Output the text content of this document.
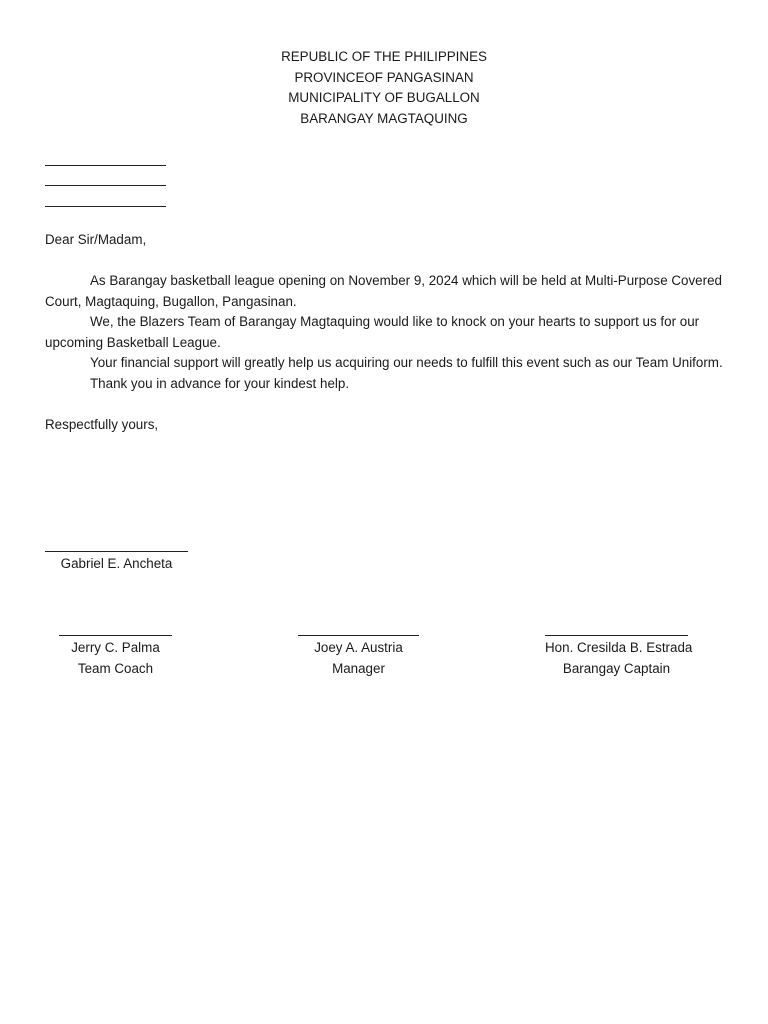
REPUBLIC OF THE PHILIPPINES
PROVINCEOF PANGASINAN
MUNICIPALITY OF BUGALLON
BARANGAY MAGTAQUING
Dear Sir/Madam,

As Barangay basketball league opening on November 9, 2024 which will be held at Multi-Purpose Covered Court, Magtaquing, Bugallon, Pangasinan.

We, the Blazers Team of Barangay Magtaquing would like to knock on your hearts to support us for our upcoming Basketball League.

Your financial support will greatly help us acquiring our needs to fulfill this event such as our Team Uniform.

Thank you in advance for your kindest help.

Respectfully yours,
Gabriel E. Ancheta
Jerry C. Palma
Team Coach
Joey A. Austria
Manager
Hon. Cresilda B. Estrada
Barangay Captain
